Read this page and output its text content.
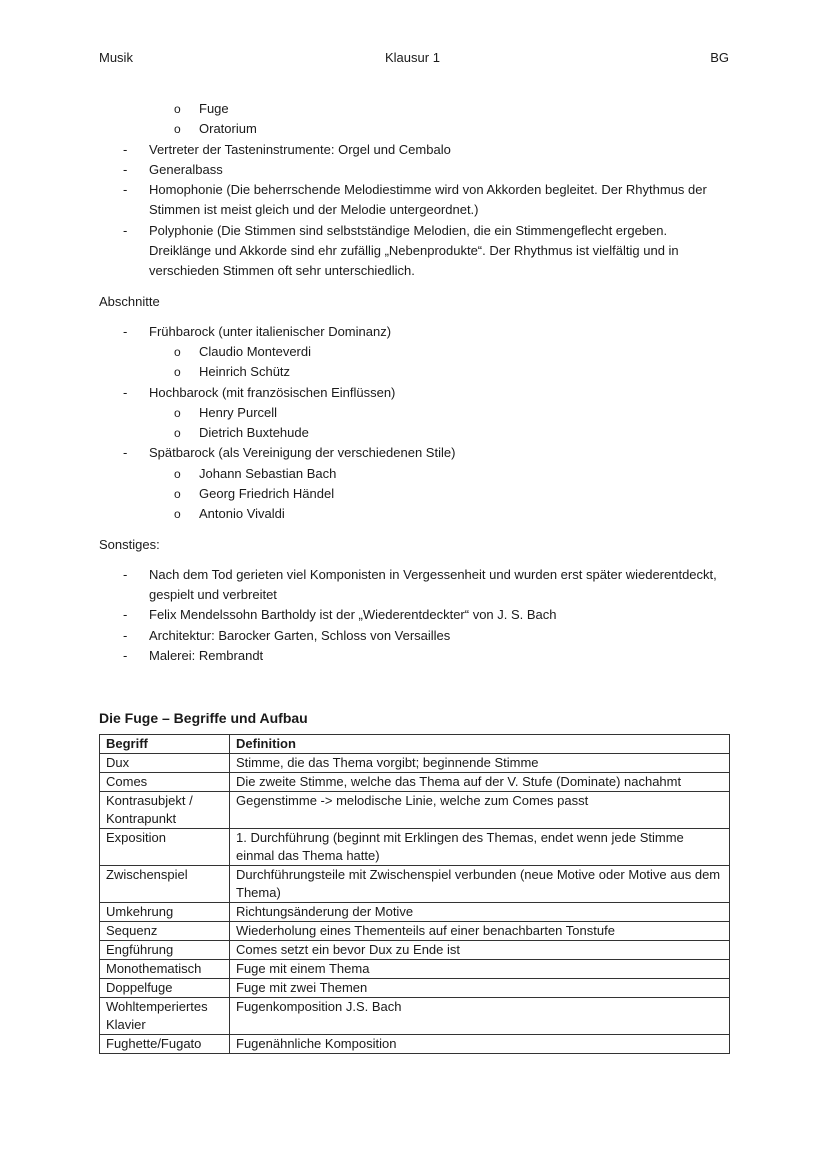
Musik	Klausur 1	BG
o Fuge
o Oratorium
- Vertreter der Tasteninstrumente: Orgel und Cembalo
- Generalbass
- Homophonie (Die beherrschende Melodiestimme wird von Akkorden begleitet. Der Rhythmus der Stimmen ist meist gleich und der Melodie untergeordnet.)
- Polyphonie (Die Stimmen sind selbstständige Melodien, die ein Stimmengeflecht ergeben. Dreiklänge und Akkorde sind ehr zufällig „Nebenprodukte“. Der Rhythmus ist vielfältig und in verschieden Stimmen oft sehr unterschiedlich.
Abschnitte
- Frühbarock (unter italienischer Dominanz)
o Claudio Monteverdi
o Heinrich Schütz
- Hochbarock (mit französischen Einflüssen)
o Henry Purcell
o Dietrich Buxtehude
- Spätbarock (als Vereinigung der verschiedenen Stile)
o Johann Sebastian Bach
o Georg Friedrich Händel
o Antonio Vivaldi
Sonstiges:
- Nach dem Tod gerieten viel Komponisten in Vergessenheit und wurden erst später wiederentdeckt, gespielt und verbreitet
- Felix Mendelssohn Bartholdy ist der „Wiederentdeckter“ von J. S. Bach
- Architektur: Barocker Garten, Schloss von Versailles
- Malerei: Rembrandt
Die Fuge – Begriffe und Aufbau
Begriff	Definition
Dux	Stimme, die das Thema vorgibt; beginnende Stimme
Comes	Die zweite Stimme, welche das Thema auf der V. Stufe (Dominate) nachahmt
Kontrasubjekt / Kontrapunkt	Gegenstimme -> melodische Linie, welche zum Comes passt
Exposition	1. Durchführung (beginnt mit Erklingen des Themas, endet wenn jede Stimme einmal das Thema hatte)
Zwischenspiel	Durchführungsteile mit Zwischenspiel verbunden (neue Motive oder Motive aus dem Thema)
Umkehrung	Richtungsänderung der Motive
Sequenz	Wiederholung eines Thementeils auf einer benachbarten Tonstufe
Engführung	Comes setzt ein bevor Dux zu Ende ist
Monothematisch	Fuge mit einem Thema
Doppelfuge	Fuge mit zwei Themen
Wohltemperiertes Klavier	Fugenkomposition J.S. Bach
Fughette/Fugato	Fugenähnliche Komposition
